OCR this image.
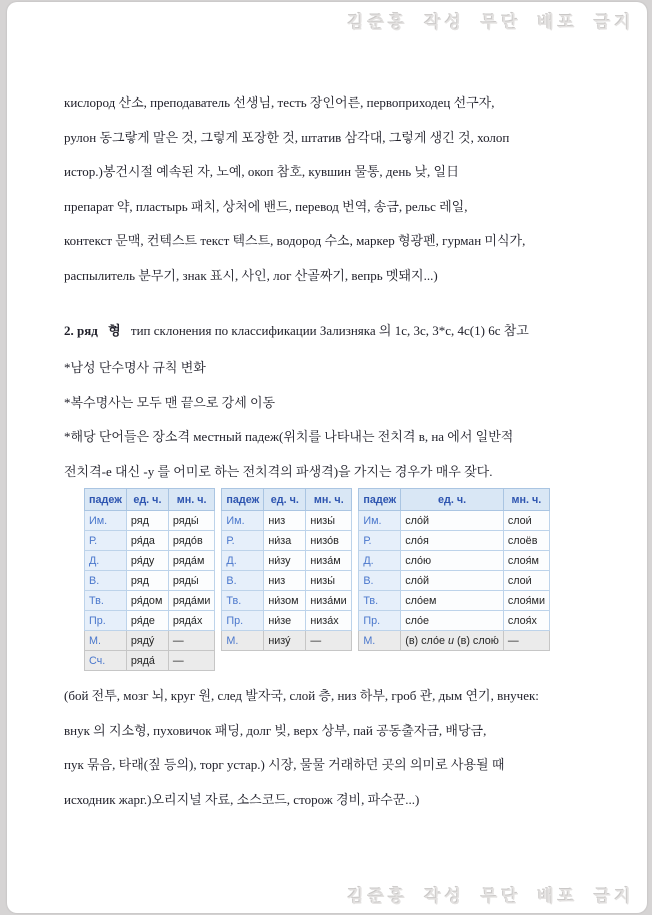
김준홍 작성 무단 배포 금지
кислород 산소, преподаватель 선생님, тесть 장인어른, первоприходец 선구자,
рулон 동그랗게 말은 것, 그렇게 포장한 것, штатив 삼각대, 그렇게 생긴 것, холоп
истор.)봉건시절 예속된 자, 노예, окоп 참호, кувшин 물통, день 낮, 일日
препарат 약, пластырь 패치, 상처에 밴드, перевод 번역, 송금, рельс 레일,
контекст 문맥, 컨텍스트 текст 텍스트, водород 수소, маркер 형광펜, гурман 미식가,
распылитель 분무기, знак 표시, 사인, лог 산골짜기, вепрь 멧돼지...)
2. ряд 형 тип склонения по классификации Зализняка 의 1c, 3c, 3*c, 4c(1) 6c 참고
*남성 단수명사 규칙 변화
*복수명사는 모두 맨 끝으로 강세 이동
*해당 단어들은 장소격 местный падеж(위치를 나타내는 전치격 в, на 에서 일반적
전치격-е 대신 -у 를 어미로 하는 전치격의 파생격)을 가지는 경우가 매우 잦다.
падеж	ед. ч.	мн. ч.
Им.	ряд	ряды́
Р.	ря́да	рядо́в
Д.	ря́ду	ряда́м
В.	ряд	ряды́
Тв.	ря́дом	ряда́ми
Пр.	ря́де	ряда́х
М.	ряду́	—
Сч.	ряда́	—
падеж	ед. ч.	мн. ч.
Им.	низ	низы́
Р.	ни́за	низо́в
Д.	ни́зу	низа́м
В.	низ	низы́
Тв.	ни́зом	низа́ми
Пр.	ни́зе	низа́х
М.	низу́	—
падеж	ед. ч.	мн. ч.
Им.	сло́й	слои́
Р.	сло́я	слоёв
Д.	сло́ю	слоя́м
В.	сло́й	слои́
Тв.	сло́ем	слоя́ми
Пр.	сло́е	слоя́х
М.	(в) сло́е и (в) слою́	—
(бой 전투, мозг 뇌, круг 원, след 발자국, слой 층, низ 하부, гроб 관, дым 연기, внучек:
внук 의 지소형, пуховичок 패딩, долг 빚, верх 상부, пай 공동출자금, 배당금,
пук 묶음, 타래(짚 등의), торг устар.) 시장, 물물 거래하던 곳의 의미로 사용될 때
исходник жарг.)오리지널 자료, 소스코드, сторож 경비, 파수꾼...)
김준홍 작성 무단 배포 금지
